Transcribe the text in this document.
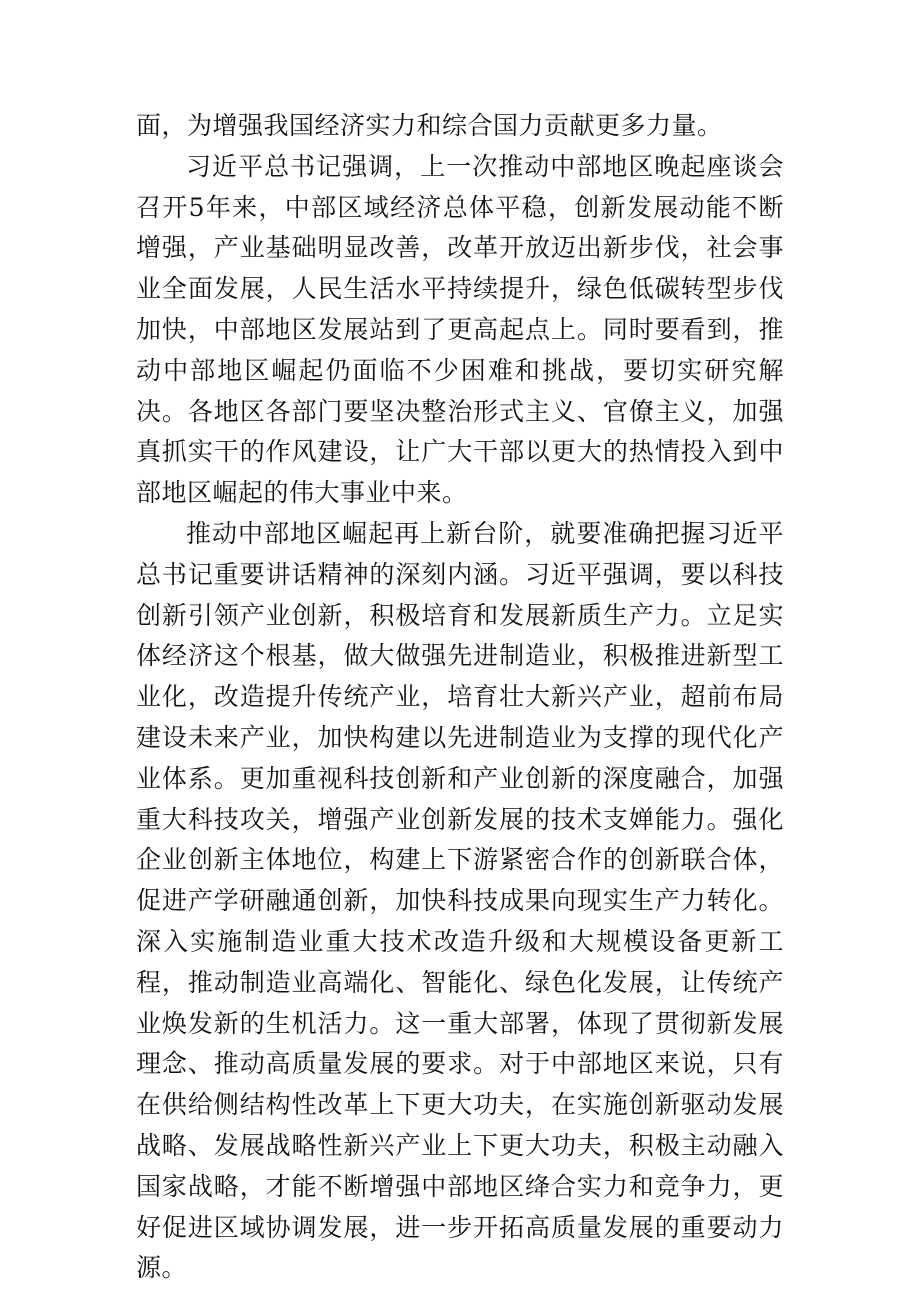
面，为增强我国经济实力和综合国力贡献更多力量。

习近平总书记强调，上一次推动中部地区晚起座谈会召开5年来，中部区域经济总体平稳，创新发展动能不断增强，产业基础明显改善，改革开放迈出新步伐，社会事业全面发展，人民生活水平持续提升，绿色低碳转型步伐加快，中部地区发展站到了更高起点上。同时要看到，推动中部地区崛起仍面临不少困难和挑战，要切实研究解决。各地区各部门要坚决整治形式主义、官僚主义，加强真抓实干的作风建设，让广大干部以更大的热情投入到中部地区崛起的伟大事业中来。

推动中部地区崛起再上新台阶，就要准确把握习近平总书记重要讲话精神的深刻内涵。习近平强调，要以科技创新引领产业创新，积极培育和发展新质生产力。立足实体经济这个根基，做大做强先进制造业，积极推进新型工业化，改造提升传统产业，培育壮大新兴产业，超前布局建设未来产业，加快构建以先进制造业为支撑的现代化产业体系。更加重视科技创新和产业创新的深度融合，加强重大科技攻关，增强产业创新发展的技术支婵能力。强化企业创新主体地位，构建上下游紧密合作的创新联合体，促进产学研融通创新，加快科技成果向现实生产力转化。深入实施制造业重大技术改造升级和大规模设备更新工程，推动制造业高端化、智能化、绿色化发展，让传统产业焕发新的生机活力。这一重大部署，体现了贯彻新发展理念、推动高质量发展的要求。对于中部地区来说，只有在供给侧结构性改革上下更大功夫，在实施创新驱动发展战略、发展战略性新兴产业上下更大功夫，积极主动融入国家战略，才能不断增强中部地区绛合实力和竞争力，更好促进区域协调发展，进一步开拓高质量发展的重要动力源。
